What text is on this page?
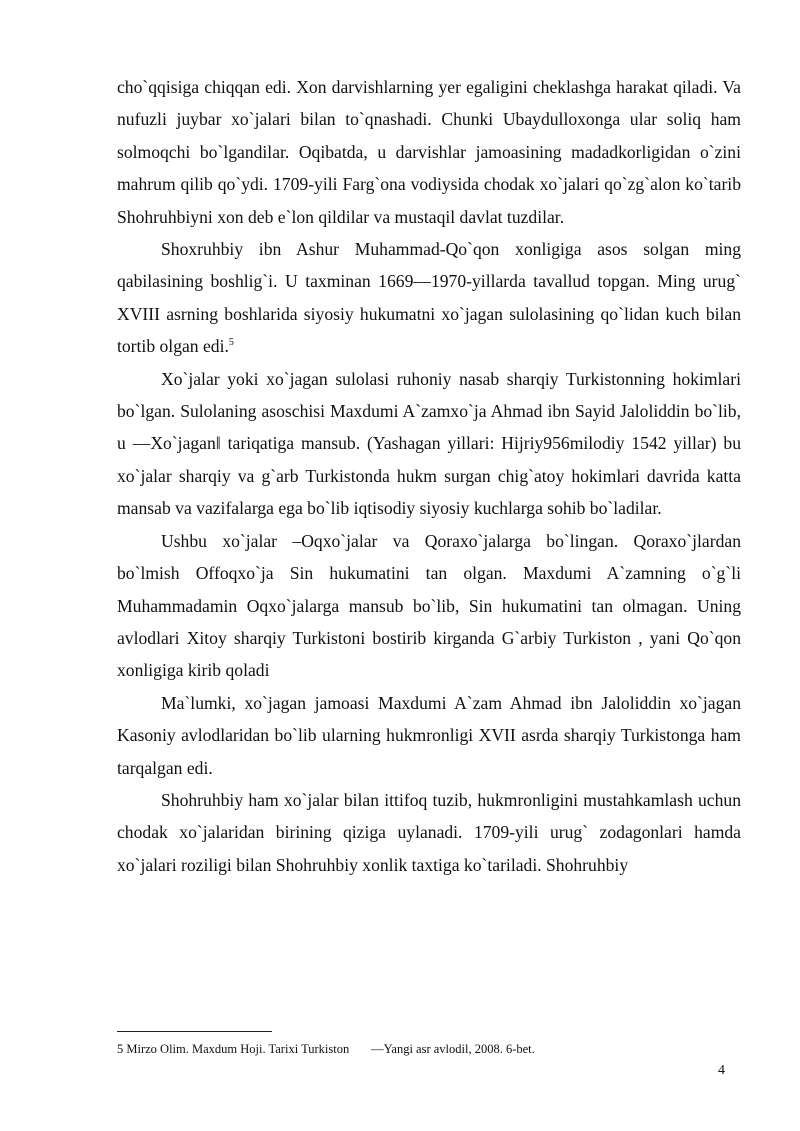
cho`qqisiga chiqqan edi. Xon darvishlarning yer egaligini cheklashga harakat qiladi. Va nufuzli juybar xo`jalari bilan to`qnashadi. Chunki Ubaydulloxonga ular soliq ham solmoqchi bo`lgandilar. Oqibatda, u darvishlar jamoasining madadkorligidan o`zini mahrum qilib qo`ydi. 1709-yili Farg`ona vodiysida chodak xo`jalari qo`zg`alon ko`tarib Shohruhbiyni xon deb e`lon qildilar va mustaqil davlat tuzdilar.

Shoxruhbiy ibn Ashur Muhammad-Qo`qon xonligiga asos solgan ming qabilasining boshlig`i. U taxminan 1669—1970-yillarda tavallud topgan. Ming urug` XVIII asrning boshlarida siyosiy hukumatni xo`jagan sulolasining qo`lidan kuch bilan tortib olgan edi.$^5$

Xo`jalar yoki xo`jagan sulolasi ruhoniy nasab sharqiy Turkistonning hokimlari bo`lgan. Sulolaning asoschisi Maxdumi A`zamxo`ja Ahmad ibn Sayid Jaloliddin bo`lib, u ―Xo`jagan‖ tariqatiga mansub. (Yashagan yillari: Hijriy956milodiy 1542 yillar) bu xo`jalar sharqiy va g`arb Turkistonda hukm surgan chig`atoy hokimlari davrida katta mansab va vazifalarga ega bo`lib iqtisodiy siyosiy kuchlarga sohib bo`ladilar.

Ushbu xo`jalar –Oqxo`jalar va Qoraxo`jalarga bo`lingan. Qoraxo`jlardan bo`lmish Offoqxo`ja Sin hukumatini tan olgan. Maxdumi A`zamning o`g`li Muhammadamin Oqxo`jalarga mansub bo`lib, Sin hukumatini tan olmagan. Uning avlodlari Xitoy sharqiy Turkistoni bostirib kirganda G`arbiy Turkiston , yani Qo`qon xonligiga kirib qoladi

Ma`lumki, xo`jagan jamoasi Maxdumi A`zam Ahmad ibn Jaloliddin xo`jagan Kasoniy avlodlaridan bo`lib ularning hukmronligi XVII asrda sharqiy Turkistonga ham tarqalgan edi.

Shohruhbiy ham xo`jalar bilan ittifoq tuzib, hukmronligini mustahkamlash uchun chodak xo`jalaridan birining qiziga uylanadi. 1709-yili urug` zodagonlari hamda xo`jalari roziligi bilan Shohruhbiy xonlik taxtiga ko`tariladi. Shohruhbiy

5 Mirzo Olim. Maxdum Hoji. Tarixi Turkiston       ―Yangi asr avlodil, 2008. 6-bet.
4
